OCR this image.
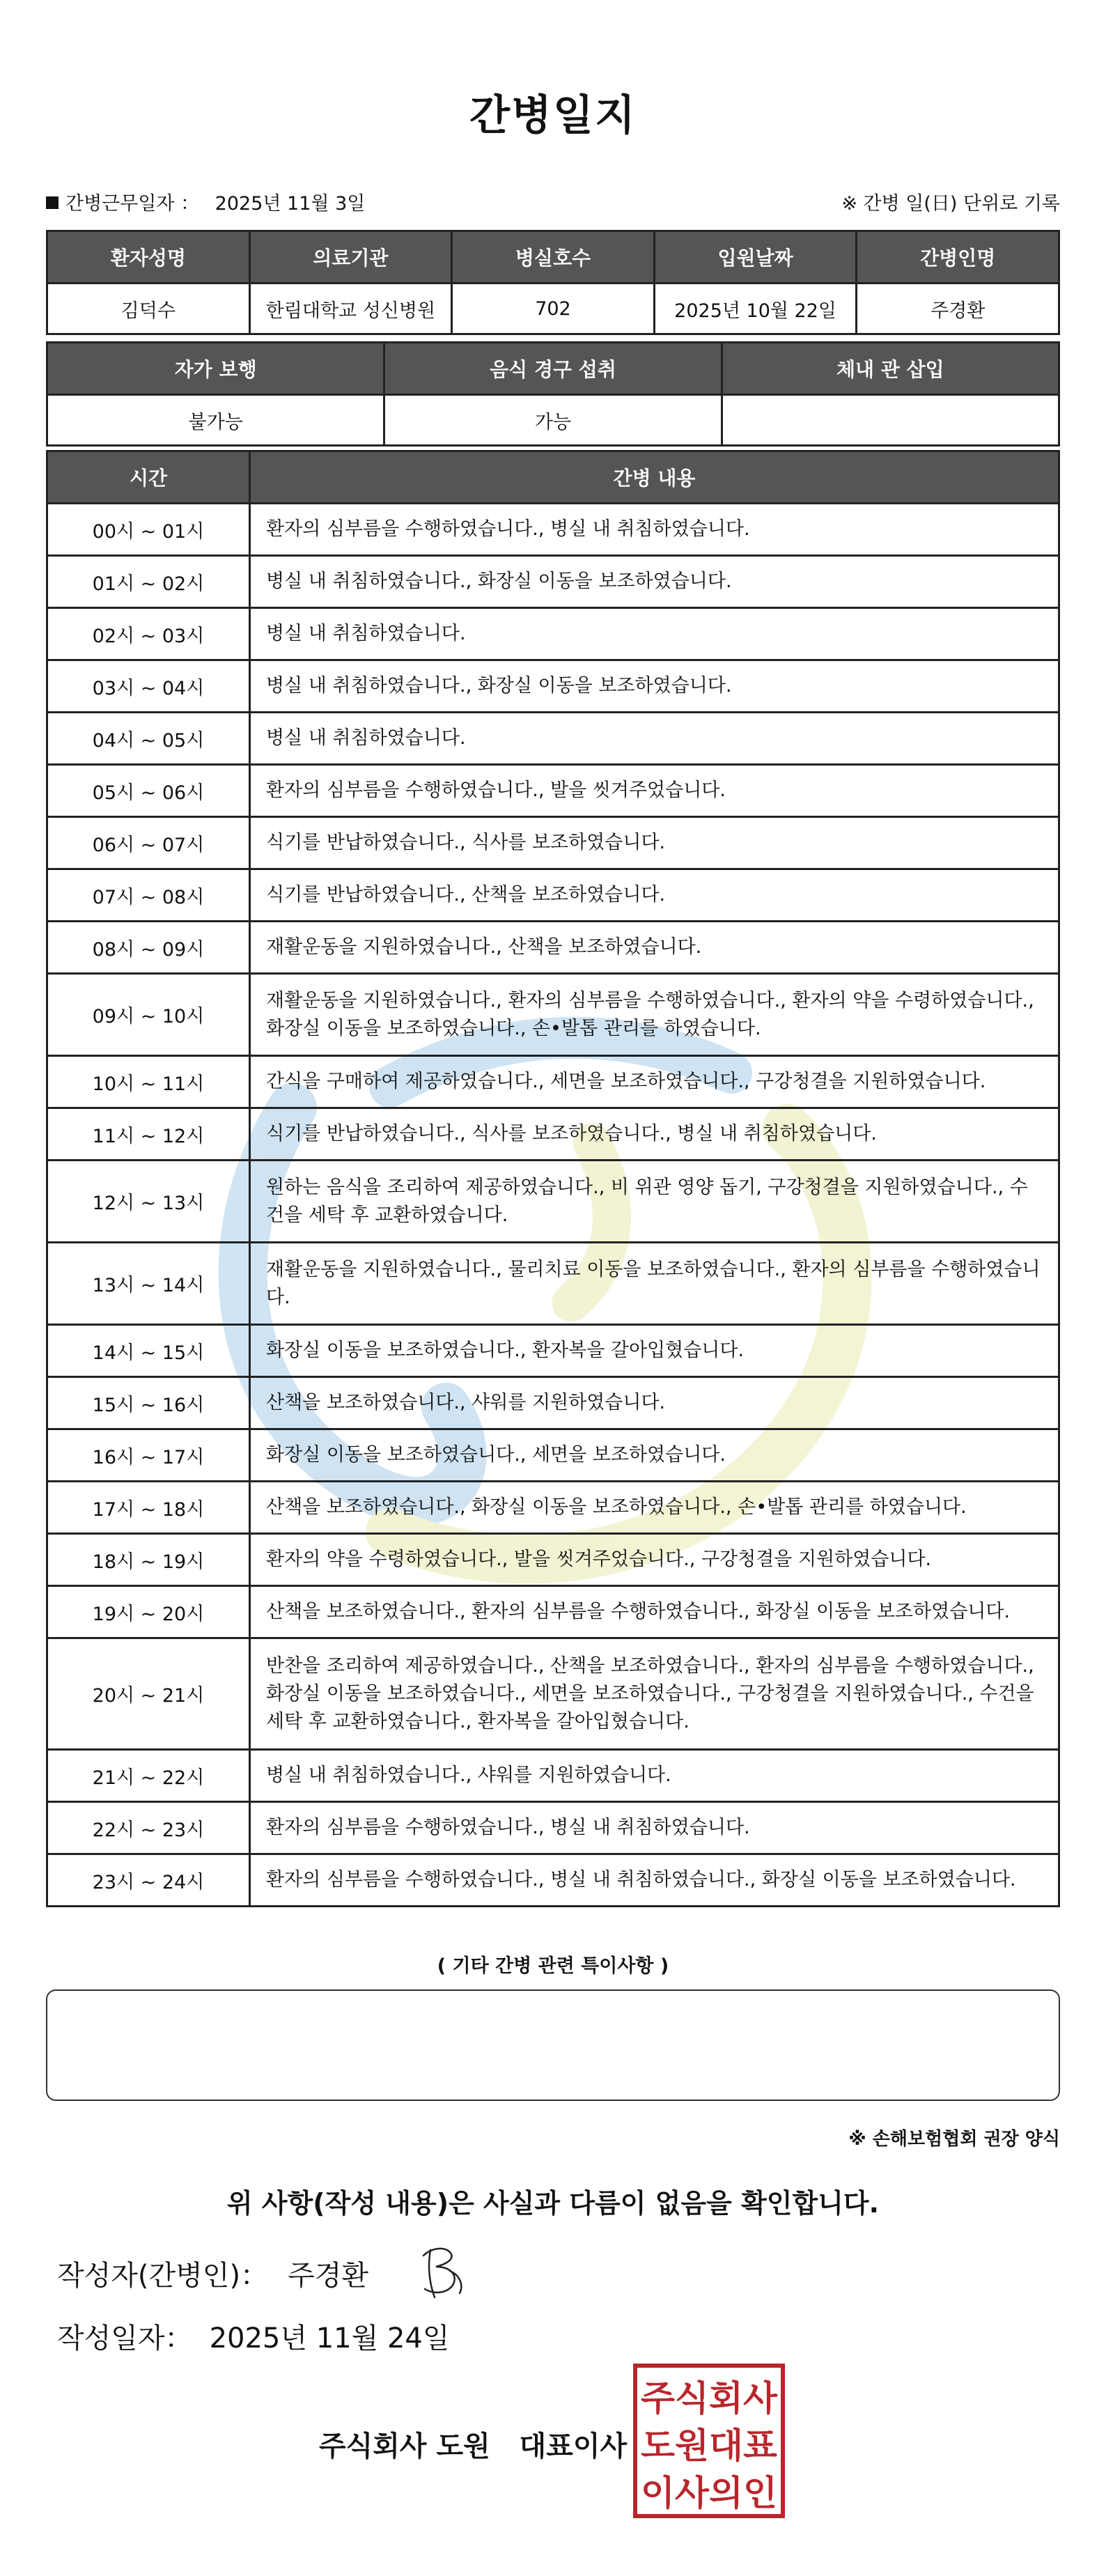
간병일지
간병근무일자 ： 2025년 11월 3일	※ 간병 일(日) 단위로 기록
환자성명	의료기관	병실호수	입원날짜	간병인명
김덕수	한림대학교 성신병원	702	2025년 10월 22일	주경환
자가 보행	음식 경구 섭취	체내 관 삽입
불가능	가능	
시간	간병 내용
00시 ~ 01시	환자의 심부름을 수행하였습니다., 병실 내 취침하였습니다.
01시 ~ 02시	병실 내 취침하였습니다., 화장실 이동을 보조하였습니다.
02시 ~ 03시	병실 내 취침하였습니다.
03시 ~ 04시	병실 내 취침하였습니다., 화장실 이동을 보조하였습니다.
04시 ~ 05시	병실 내 취침하였습니다.
05시 ~ 06시	환자의 심부름을 수행하였습니다., 발을 씻겨주었습니다.
06시 ~ 07시	식기를 반납하였습니다., 식사를 보조하였습니다.
07시 ~ 08시	식기를 반납하였습니다., 산책을 보조하였습니다.
08시 ~ 09시	재활운동을 지원하였습니다., 산책을 보조하였습니다.
09시 ~ 10시	재활운동을 지원하였습니다., 환자의 심부름을 수행하였습니다., 환자의 약을 수령하였습니다., 화장실 이동을 보조하였습니다., 손•발톱 관리를 하였습니다.
10시 ~ 11시	간식을 구매하여 제공하였습니다., 세면을 보조하였습니다., 구강청결을 지원하였습니다.
11시 ~ 12시	식기를 반납하였습니다., 식사를 보조하였습니다., 병실 내 취침하였습니다.
12시 ~ 13시	원하는 음식을 조리하여 제공하였습니다., 비 위관 영양 돕기, 구강청결을 지원하였습니다., 수건을 세탁 후 교환하였습니다.
13시 ~ 14시	재활운동을 지원하였습니다., 물리치료 이동을 보조하였습니다., 환자의 심부름을 수행하였습니다.
14시 ~ 15시	화장실 이동을 보조하였습니다., 환자복을 갈아입혔습니다.
15시 ~ 16시	산책을 보조하였습니다., 샤워를 지원하였습니다.
16시 ~ 17시	화장실 이동을 보조하였습니다., 세면을 보조하였습니다.
17시 ~ 18시	산책을 보조하였습니다., 화장실 이동을 보조하였습니다., 손•발톱 관리를 하였습니다.
18시 ~ 19시	환자의 약을 수령하였습니다., 발을 씻겨주었습니다., 구강청결을 지원하였습니다.
19시 ~ 20시	산책을 보조하였습니다., 환자의 심부름을 수행하였습니다., 화장실 이동을 보조하였습니다.
20시 ~ 21시	반찬을 조리하여 제공하였습니다., 산책을 보조하였습니다., 환자의 심부름을 수행하였습니다., 화장실 이동을 보조하였습니다., 세면을 보조하였습니다., 구강청결을 지원하였습니다., 수건을 세탁 후 교환하였습니다., 환자복을 갈아입혔습니다.
21시 ~ 22시	병실 내 취침하였습니다., 샤워를 지원하였습니다.
22시 ~ 23시	환자의 심부름을 수행하였습니다., 병실 내 취침하였습니다.
23시 ~ 24시	환자의 심부름을 수행하였습니다., 병실 내 취침하였습니다., 화장실 이동을 보조하였습니다.
( 기타 간병 관련 특이사항 )
※ 손해보험협회 권장 양식
위 사항(작성 내용)은 사실과 다름이 없음을 확인합니다.
작성자(간병인)： 주경환
작성일자： 2025년 11월 24일
주식회사 도원   대표이사
주식회사
도원대표
이사의인
